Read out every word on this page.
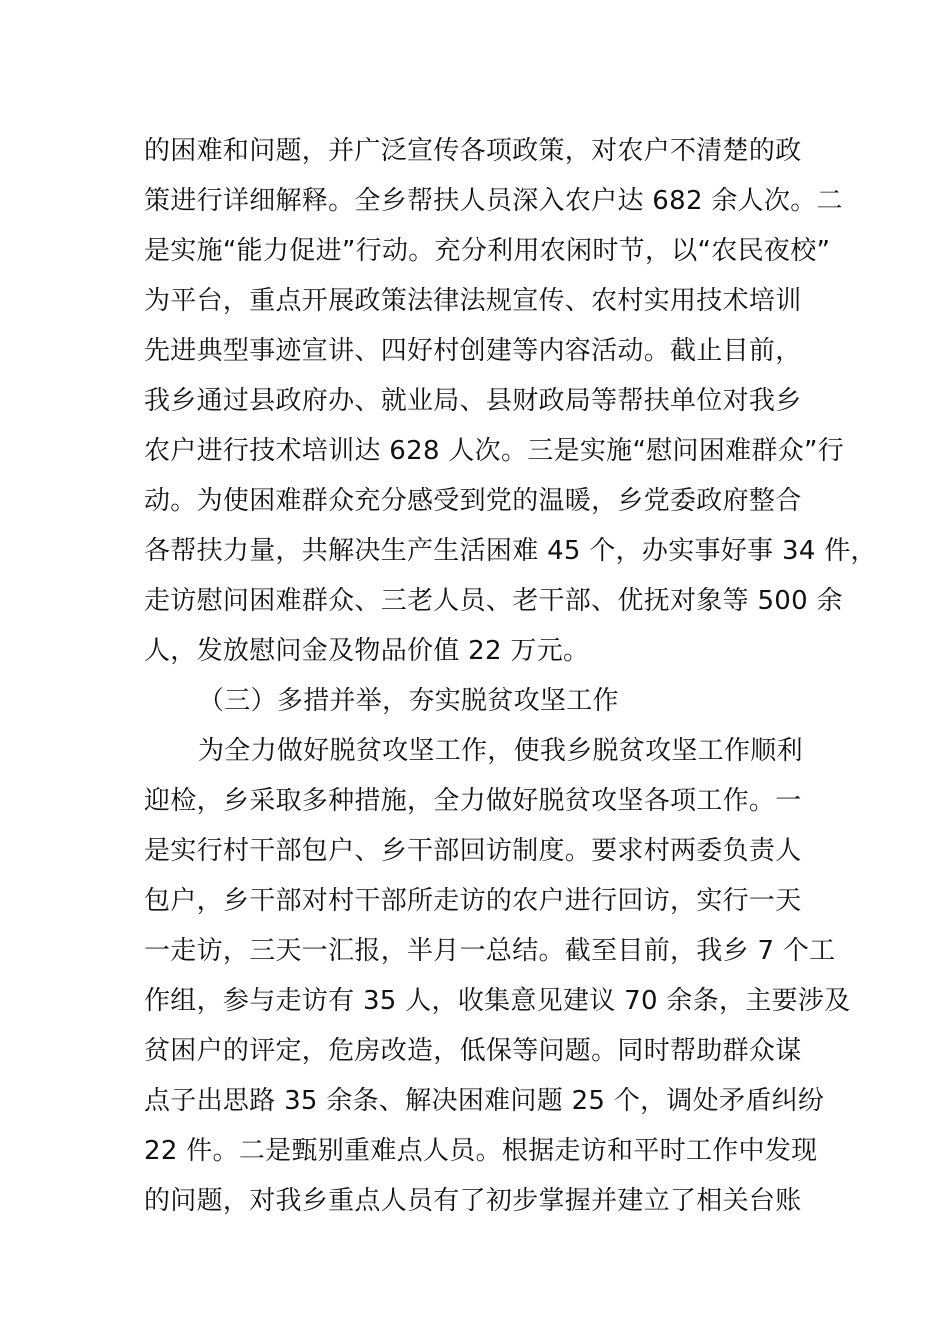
的困难和问题，并广泛宣传各项政策，对农户不清楚的政
策进行详细解释。全乡帮扶人员深入农户达 682 余人次。二
是实施“能力促进”行动。充分利用农闲时节，以“农民夜校”
为平台，重点开展政策法律法规宣传、农村实用技术培训
先进典型事迹宣讲、四好村创建等内容活动。截止目前，
我乡通过县政府办、就业局、县财政局等帮扶单位对我乡
农户进行技术培训达 628 人次。三是实施“慰问困难群众”行
动。为使困难群众充分感受到党的温暖，乡党委政府整合
各帮扶力量，共解决生产生活困难 45 个，办实事好事 34 件，
走访慰问困难群众、三老人员、老干部、优抚对象等 500 余
人，发放慰问金及物品价值 22 万元。
（三）多措并举，夯实脱贫攻坚工作
为全力做好脱贫攻坚工作，使我乡脱贫攻坚工作顺利
迎检，乡采取多种措施，全力做好脱贫攻坚各项工作。一
是实行村干部包户、乡干部回访制度。要求村两委负责人
包户，乡干部对村干部所走访的农户进行回访，实行一天
一走访，三天一汇报，半月一总结。截至目前，我乡 7 个工
作组，参与走访有 35 人，收集意见建议 70 余条，主要涉及
贫困户的评定，危房改造，低保等问题。同时帮助群众谋
点子出思路 35 余条、解决困难问题 25 个，调处矛盾纠纷
22 件。二是甄别重难点人员。根据走访和平时工作中发现
的问题，对我乡重点人员有了初步掌握并建立了相关台账
